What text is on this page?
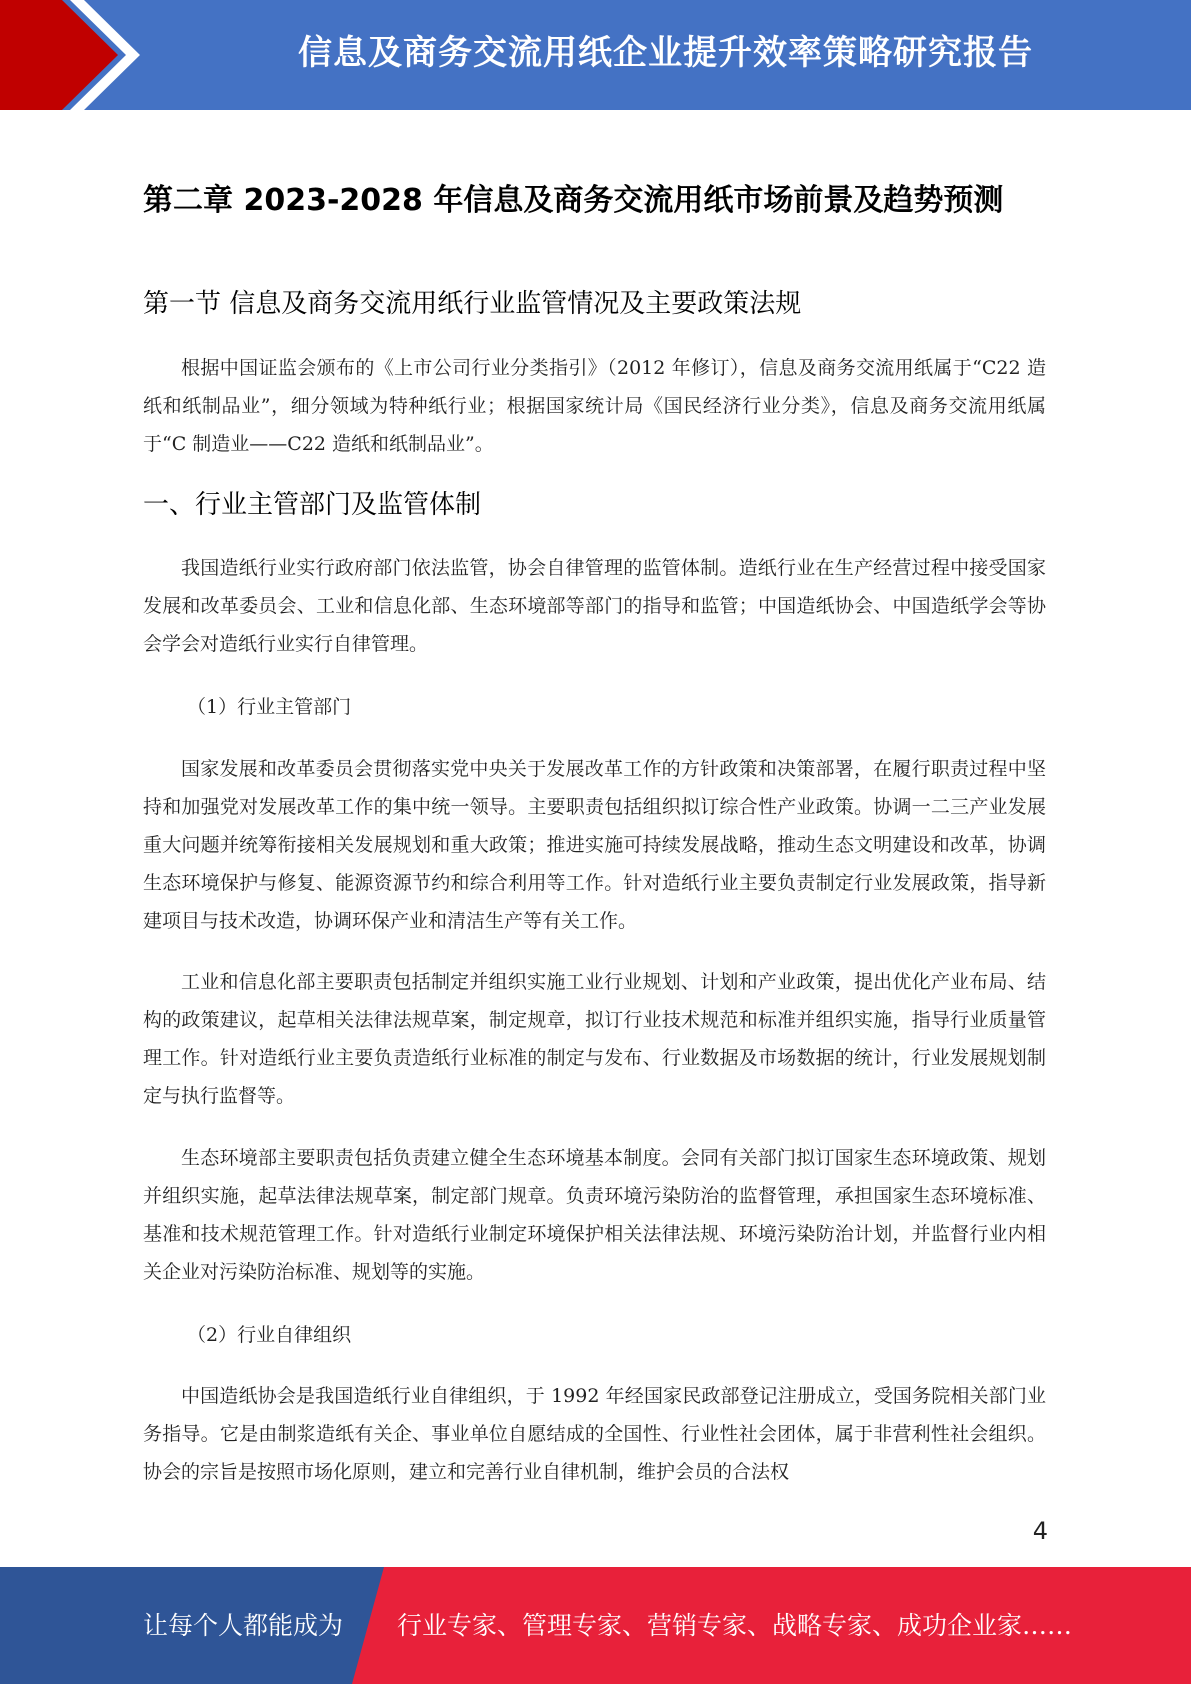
信息及商务交流用纸企业提升效率策略研究报告
第二章 2023-2028 年信息及商务交流用纸市场前景及趋势预测
第一节 信息及商务交流用纸行业监管情况及主要政策法规

根据中国证监会颁布的《上市公司行业分类指引》（2012 年修订），信息及商务交流用纸属于“C22 造纸和纸制品业”，细分领域为特种纸行业；根据国家统计局《国民经济行业分类》，信息及商务交流用纸属于“C 制造业——C22 造纸和纸制品业”。

一、行业主管部门及监管体制

我国造纸行业实行政府部门依法监管，协会自律管理的监管体制。造纸行业在生产经营过程中接受国家发展和改革委员会、工业和信息化部、生态环境部等部门的指导和监管；中国造纸协会、中国造纸学会等协会学会对造纸行业实行自律管理。

（1）行业主管部门

国家发展和改革委员会贯彻落实党中央关于发展改革工作的方针政策和决策部署，在履行职责过程中坚持和加强党对发展改革工作的集中统一领导。主要职责包括组织拟订综合性产业政策。协调一二三产业发展重大问题并统筹衔接相关发展规划和重大政策；推进实施可持续发展战略，推动生态文明建设和改革，协调生态环境保护与修复、能源资源节约和综合利用等工作。针对造纸行业主要负责制定行业发展政策，指导新建项目与技术改造，协调环保产业和清洁生产等有关工作。

工业和信息化部主要职责包括制定并组织实施工业行业规划、计划和产业政策，提出优化产业布局、结构的政策建议，起草相关法律法规草案，制定规章，拟订行业技术规范和标准并组织实施，指导行业质量管理工作。针对造纸行业主要负责造纸行业标准的制定与发布、行业数据及市场数据的统计，行业发展规划制定与执行监督等。

生态环境部主要职责包括负责建立健全生态环境基本制度。会同有关部门拟订国家生态环境政策、规划并组织实施，起草法律法规草案，制定部门规章。负责环境污染防治的监督管理，承担国家生态环境标准、基准和技术规范管理工作。针对造纸行业制定环境保护相关法律法规、环境污染防治计划，并监督行业内相关企业对污染防治标准、规划等的实施。

（2）行业自律组织

中国造纸协会是我国造纸行业自律组织，于 1992 年经国家民政部登记注册成立，受国务院相关部门业务指导。它是由制浆造纸有关企、事业单位自愿结成的全国性、行业性社会团体，属于非营利性社会组织。协会的宗旨是按照市场化原则，建立和完善行业自律机制，维护会员的合法权

4
让每个人都能成为 行业专家、管理专家、营销专家、战略专家、成功企业家……
